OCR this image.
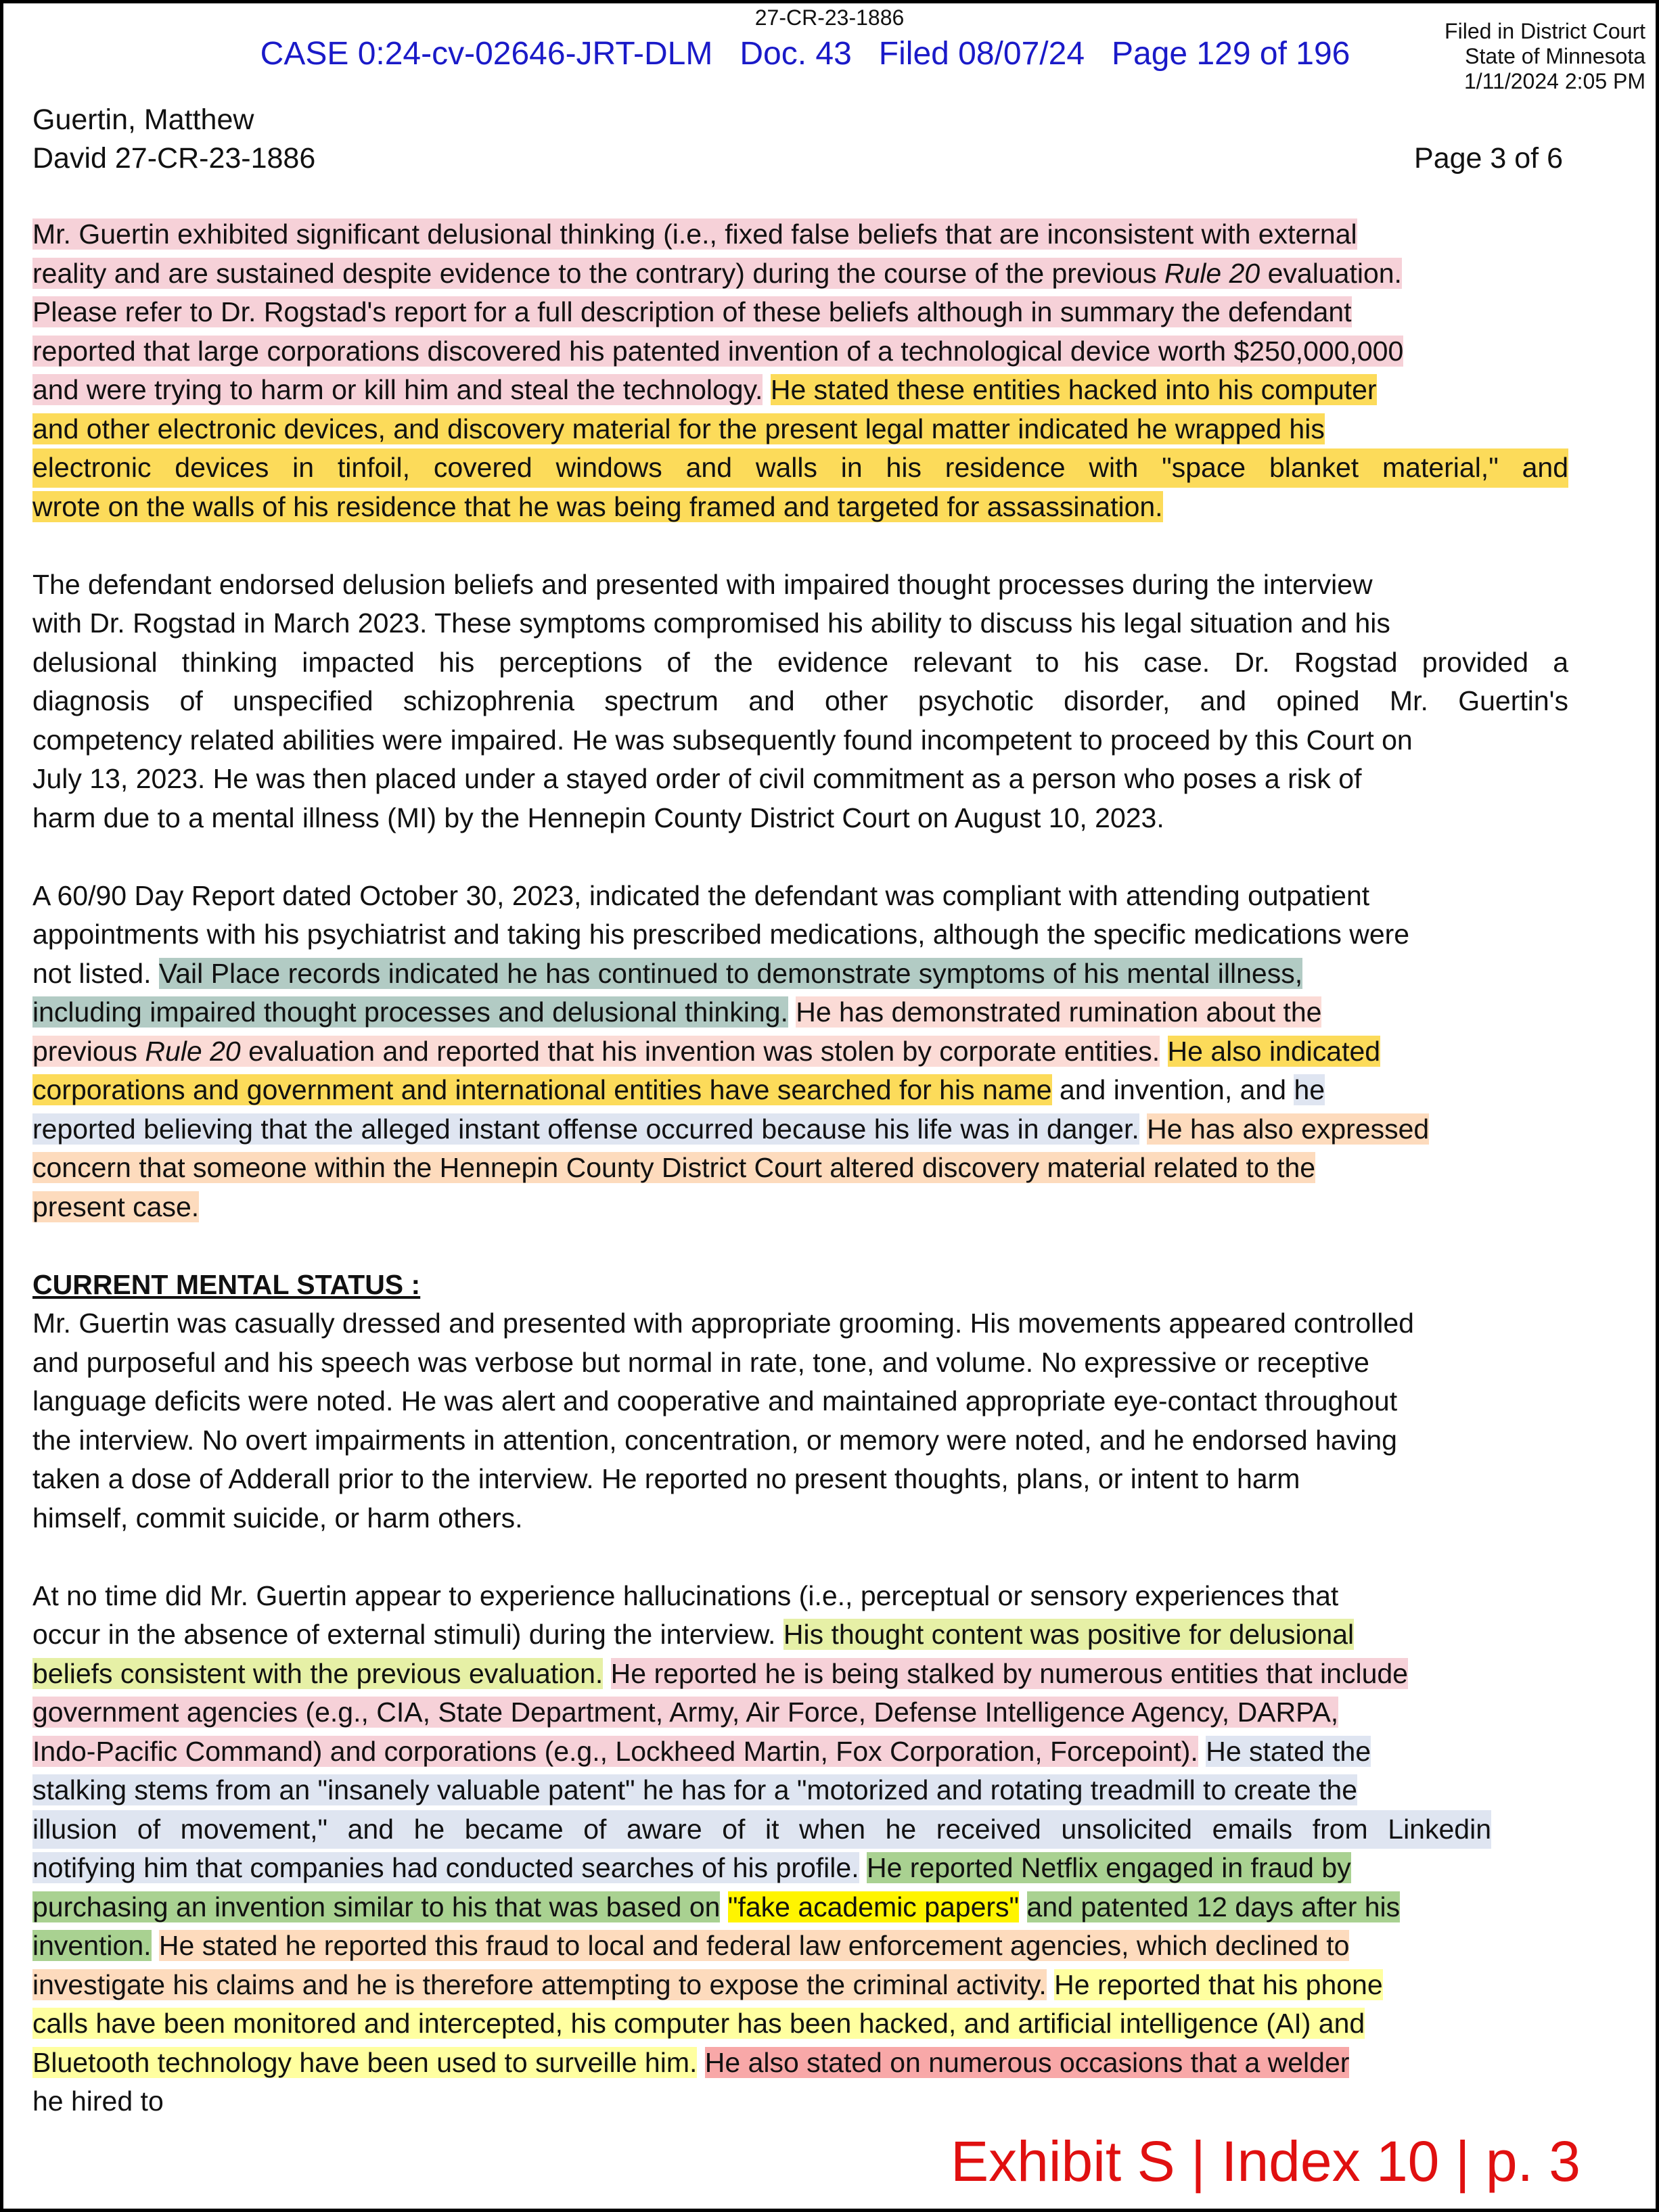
27-CR-23-1886
CASE 0:24-cv-02646-JRT-DLM   Doc. 43   Filed 08/07/24   Page 129 of 196
Filed in District Court
State of Minnesota
1/11/2024 2:05 PM
Guertin, Matthew
David 27-CR-23-1886	Page 3 of 6
Mr. Guertin exhibited significant delusional thinking (i.e., fixed false beliefs that are inconsistent with external
reality and are sustained despite evidence to the contrary) during the course of the previous Rule 20 evaluation.
Please refer to Dr. Rogstad's report for a full description of these beliefs although in summary the defendant
reported that large corporations discovered his patented invention of a technological device worth $250,000,000
and were trying to harm or kill him and steal the technology. He stated these entities hacked into his computer
and other electronic devices, and discovery material for the present legal matter indicated he wrapped his
electronic devices in tinfoil, covered windows and walls in his residence with "space blanket material," and
wrote on the walls of his residence that he was being framed and targeted for assassination.
The defendant endorsed delusion beliefs and presented with impaired thought processes during the interview
with Dr. Rogstad in March 2023. These symptoms compromised his ability to discuss his legal situation and his
delusional thinking impacted his perceptions of the evidence relevant to his case. Dr. Rogstad provided a
diagnosis of unspecified schizophrenia spectrum and other psychotic disorder, and opined Mr. Guertin's
competency related abilities were impaired. He was subsequently found incompetent to proceed by this Court on
July 13, 2023. He was then placed under a stayed order of civil commitment as a person who poses a risk of
harm due to a mental illness (MI) by the Hennepin County District Court on August 10, 2023.
A 60/90 Day Report dated October 30, 2023, indicated the defendant was compliant with attending outpatient
appointments with his psychiatrist and taking his prescribed medications, although the specific medications were
not listed. Vail Place records indicated he has continued to demonstrate symptoms of his mental illness,
including impaired thought processes and delusional thinking. He has demonstrated rumination about the
previous Rule 20 evaluation and reported that his invention was stolen by corporate entities. He also indicated
corporations and government and international entities have searched for his name and invention, and he
reported believing that the alleged instant offense occurred because his life was in danger. He has also expressed
concern that someone within the Hennepin County District Court altered discovery material related to the
present case.
CURRENT MENTAL STATUS :
Mr. Guertin was casually dressed and presented with appropriate grooming. His movements appeared controlled
and purposeful and his speech was verbose but normal in rate, tone, and volume. No expressive or receptive
language deficits were noted. He was alert and cooperative and maintained appropriate eye-contact throughout
the interview. No overt impairments in attention, concentration, or memory were noted, and he endorsed having
taken a dose of Adderall prior to the interview. He reported no present thoughts, plans, or intent to harm
himself, commit suicide, or harm others.
At no time did Mr. Guertin appear to experience hallucinations (i.e., perceptual or sensory experiences that
occur in the absence of external stimuli) during the interview. His thought content was positive for delusional
beliefs consistent with the previous evaluation. He reported he is being stalked by numerous entities that include
government agencies (e.g., CIA, State Department, Army, Air Force, Defense Intelligence Agency, DARPA,
Indo-Pacific Command) and corporations (e.g., Lockheed Martin, Fox Corporation, Forcepoint). He stated the
stalking stems from an "insanely valuable patent" he has for a "motorized and rotating treadmill to create the
illusion of movement," and he became of aware of it when he received unsolicited emails from Linkedin
notifying him that companies had conducted searches of his profile. He reported Netflix engaged in fraud by
purchasing an invention similar to his that was based on "fake academic papers" and patented 12 days after his
invention. He stated he reported this fraud to local and federal law enforcement agencies, which declined to
investigate his claims and he is therefore attempting to expose the criminal activity. He reported that his phone
calls have been monitored and intercepted, his computer has been hacked, and artificial intelligence (AI) and
Bluetooth technology have been used to surveille him. He also stated on numerous occasions that a welder
he hired to
Exhibit S | Index 10 | p. 3
